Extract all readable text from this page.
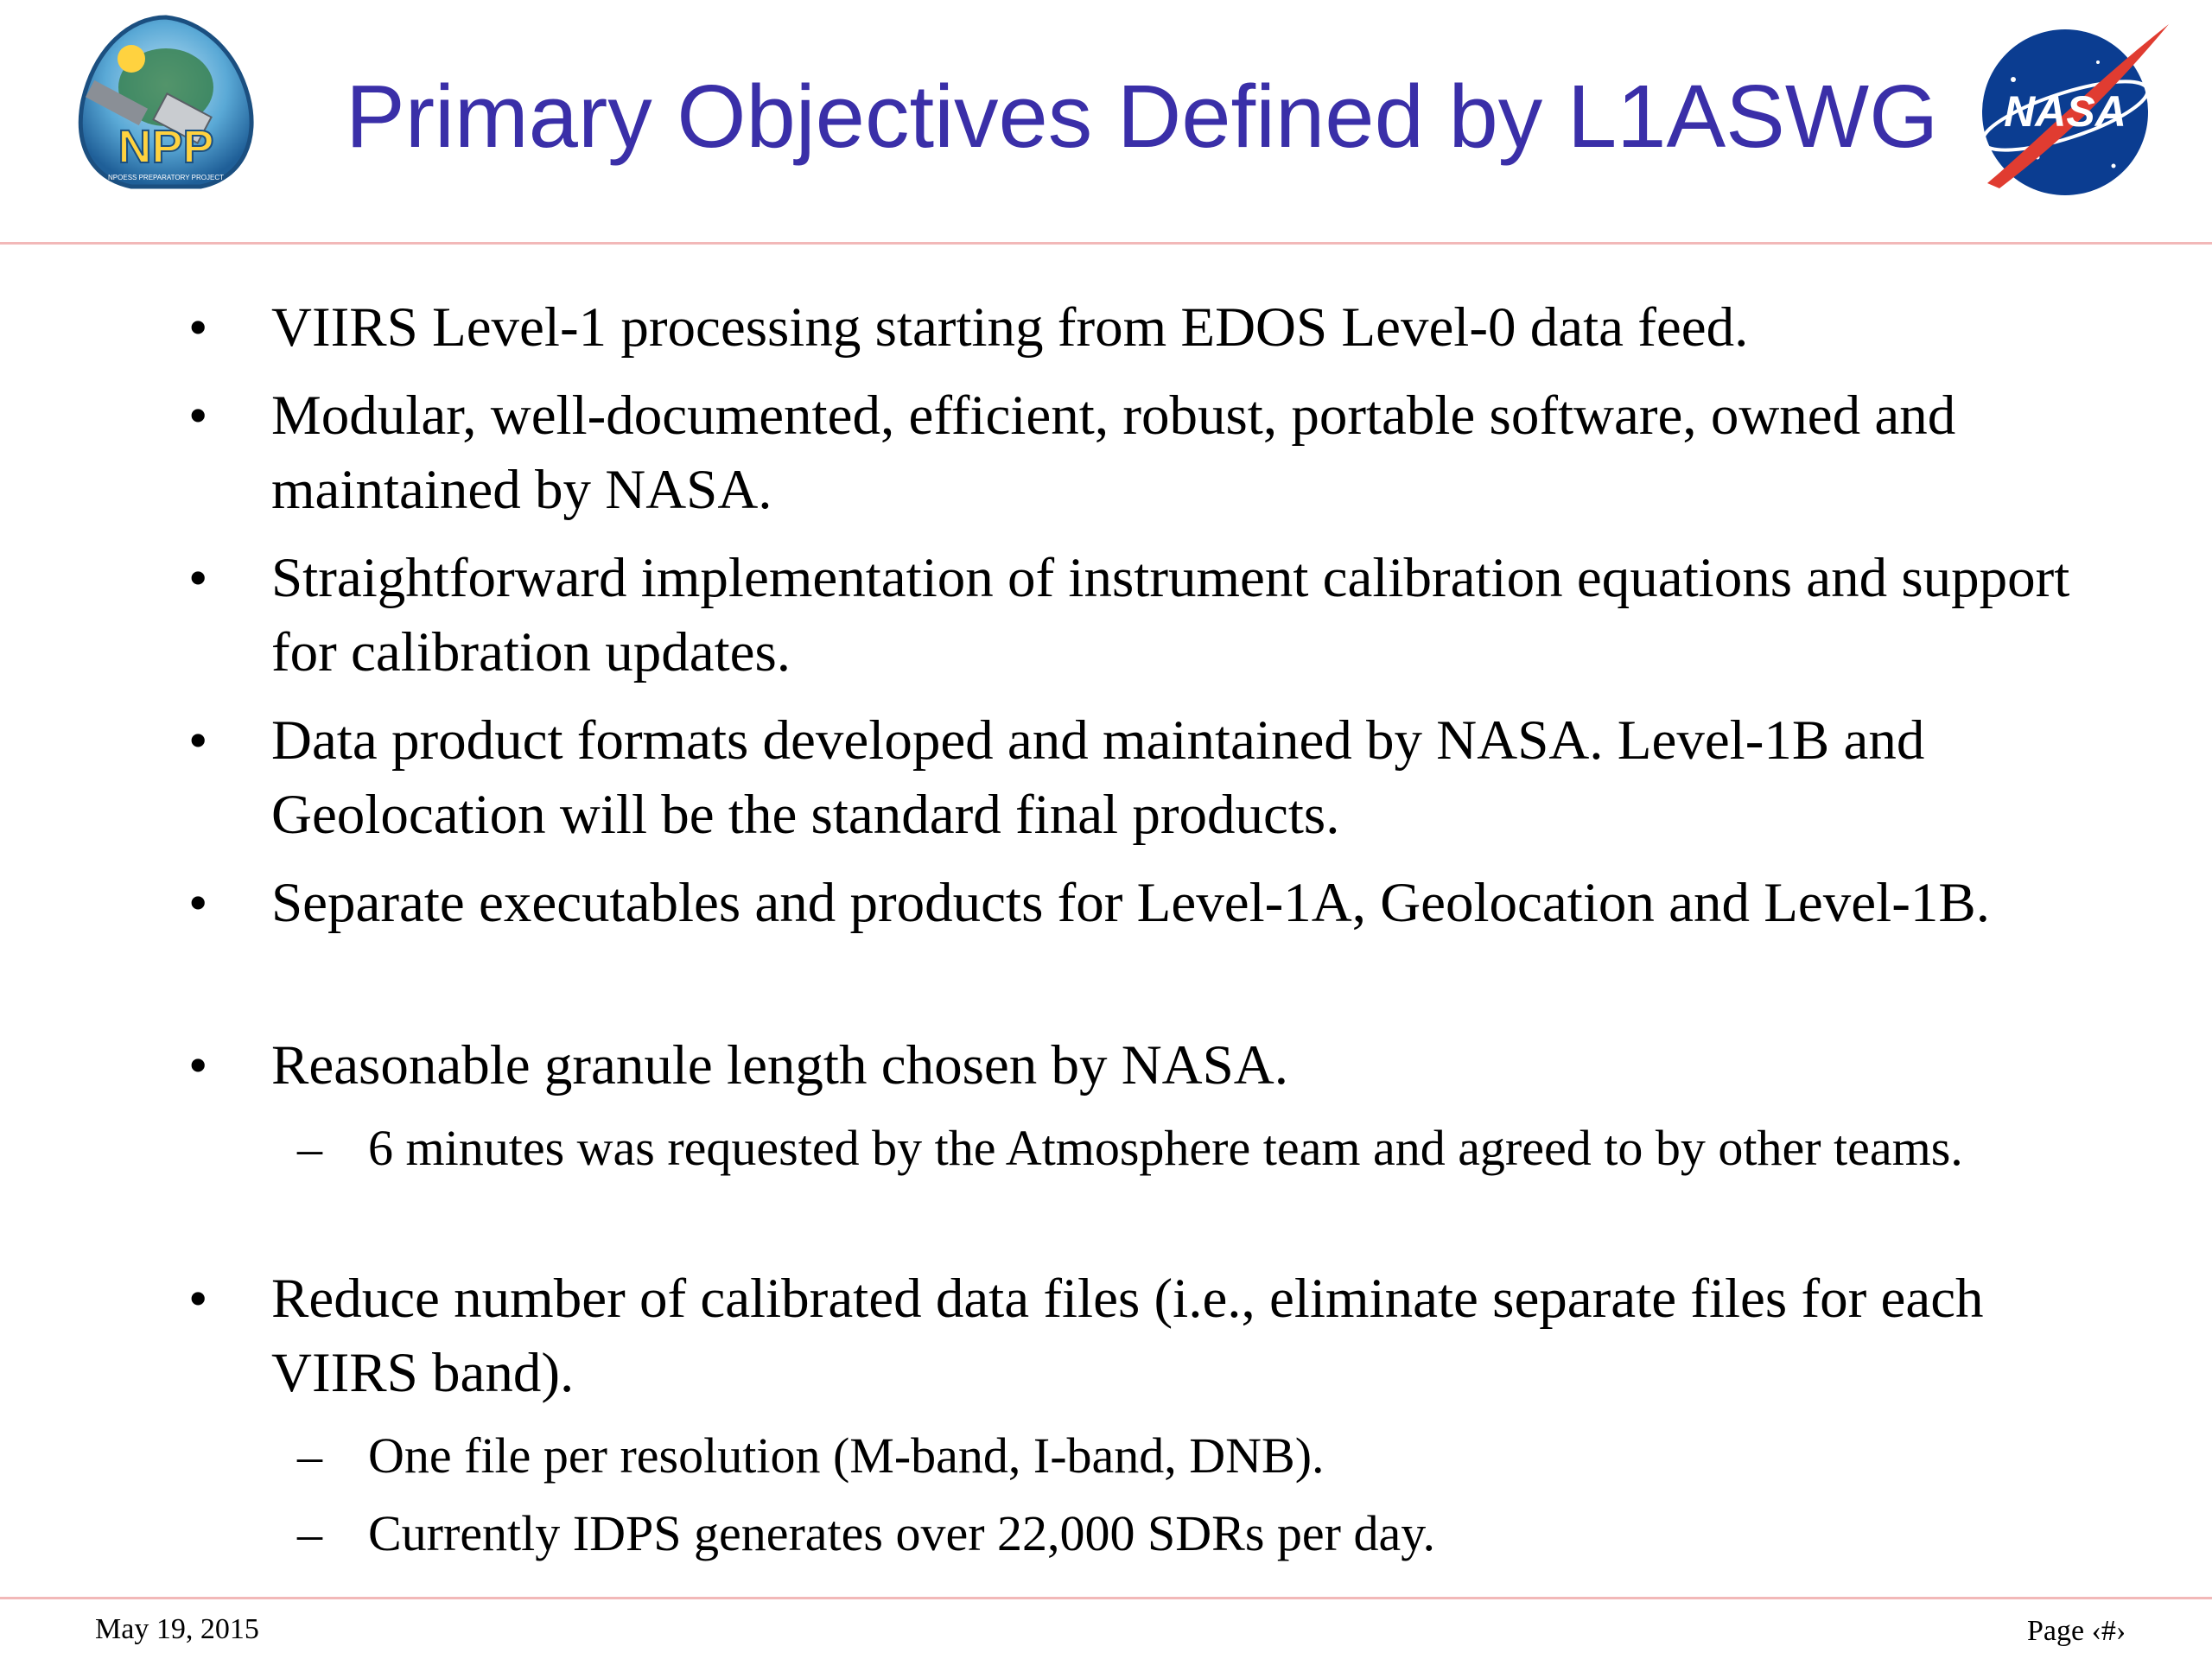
NPP
NPOESS PREPARATORY PROJECT
Primary Objectives Defined by L1ASWG NASA
• VIIRS Level-1 processing starting from EDOS Level-0 data feed.
• Modular, well-documented, efficient, robust, portable software, owned and maintained by NASA.
• Straightforward implementation of instrument calibration equations and support for calibration updates.
• Data product formats developed and maintained by NASA. Level-1B and Geolocation will be the standard final products.
• Separate executables and products for Level-1A, Geolocation and Level-1B.
• Reasonable granule length chosen by NASA.
– 6 minutes was requested by the Atmosphere team and agreed to by other teams.
• Reduce number of calibrated data files (i.e., eliminate separate files for each VIIRS band).
– One file per resolution (M-band, I-band, DNB).
– Currently IDPS generates over 22,000 SDRs per day.
May 19, 2015	Page ‹#›
